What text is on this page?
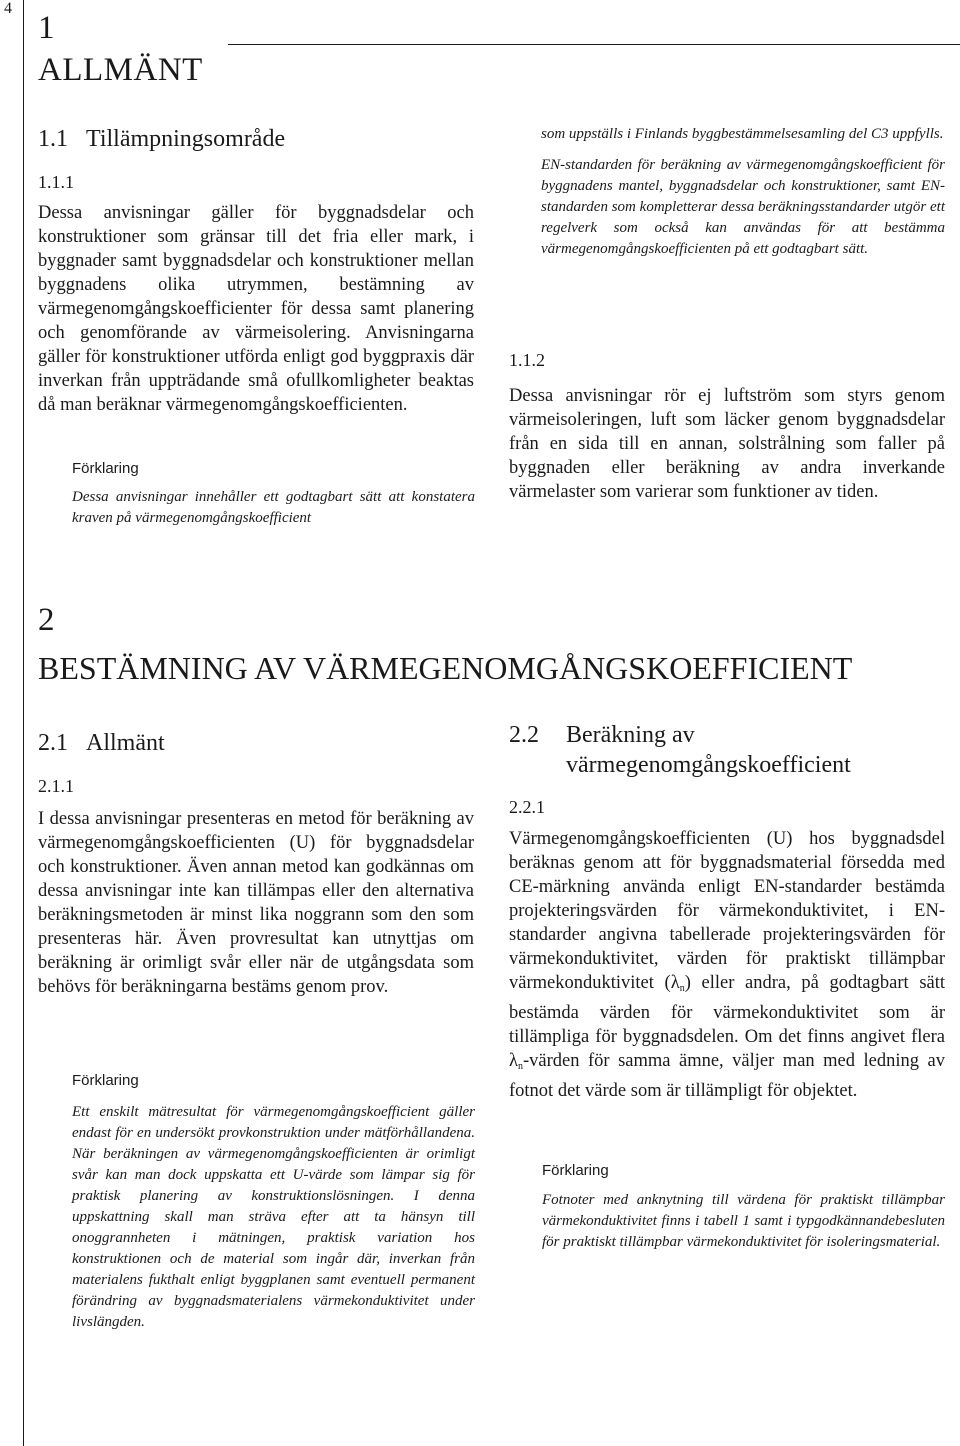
4
1
ALLMÄNT
1.1 Tillämpningsområde
1.1.1

Dessa anvisningar gäller för byggnadsdelar och konstruktioner som gränsar till det fria eller mark, i byggnader samt byggnadsdelar och konstruktioner mellan byggnadens olika utrymmen, bestämning av värmegenomgångskoefficienter för dessa samt planering och genomförande av värmeisolering. Anvisningarna gäller för konstruktioner utförda enligt god byggpraxis där inverkan från uppträdande små ofullkomligheter beaktas då man beräknar värmegenomgångskoefficienten.

Förklaring

Dessa anvisningar innehåller ett godtagbart sätt att konstatera kraven på värmegenomgångskoefficient

som uppställs i Finlands byggbestämmelsesamling del C3 uppfylls.

EN-standarden för beräkning av värmegenomgångskoefficient för byggnadens mantel, byggnadsdelar och konstruktioner, samt EN-standarden som kompletterar dessa beräkningsstandarder utgör ett regelverk som också kan användas för att bestämma värmegenomgångskoefficienten på ett godtagbart sätt.

1.1.2

Dessa anvisningar rör ej luftström som styrs genom värmeisoleringen, luft som läcker genom byggnadsdelar från en sida till en annan, solstrålning som faller på byggnaden eller beräkning av andra inverkande värmelaster som varierar som funktioner av tiden.

2
BESTÄMNING AV VÄRMEGENOMGÅNGSKOEFFICIENT
2.1 Allmänt
2.1.1

I dessa anvisningar presenteras en metod för beräkning av värmegenomgångskoefficienten (U) för byggnadsdelar och konstruktioner. Även annan metod kan godkännas om dessa anvisningar inte kan tillämpas eller den alternativa beräkningsmetoden är minst lika noggrann som den som presenteras här. Även provresultat kan utnyttjas om beräkning är orimligt svår eller när de utgångsdata som behövs för beräkningarna bestäms genom prov.

Förklaring

Ett enskilt mätresultat för värmegenomgångskoefficient gäller endast för en undersökt provkonstruktion under mätförhållandena. När beräkningen av värmegenomgångskoefficienten är orimligt svår kan man dock uppskatta ett U-värde som lämpar sig för praktisk planering av konstruktionslösningen. I denna uppskattning skall man sträva efter att ta hänsyn till onoggrannheten i mätningen, praktisk variation hos konstruktionen och de material som ingår där, inverkan från materialens fukthalt enligt byggplanen samt eventuell permanent förändring av byggnadsmaterialens värmekonduktivitet under livslängden.

2.2	Beräkning av värmegenomgångskoefficient
2.2.1

Värmegenomgångskoefficienten (U) hos byggnadsdel beräknas genom att för byggnadsmaterial försedda med CE-märkning använda enligt EN-standarder bestämda projekteringsvärden för värmekonduktivitet, i EN-standarder angivna tabellerade projekteringsvärden för värmekonduktivitet, värden för praktiskt tillämpbar värmekonduktivitet $(\lambda_n)$ eller andra, på godtagbart sätt bestämda värden för värmekonduktivitet som är tillämpliga för byggnadsdelen. Om det finns angivet flera $\lambda_n$-värden för samma ämne, väljer man med ledning av fotnot det värde som är tillämpligt för objektet.

Förklaring

Fotnoter med anknytning till värdena för praktiskt tillämpbar värmekonduktivitet finns i tabell 1 samt i typgodkännandebesluten för praktiskt tillämpbar värmekonduktivitet för isoleringsmaterial.
